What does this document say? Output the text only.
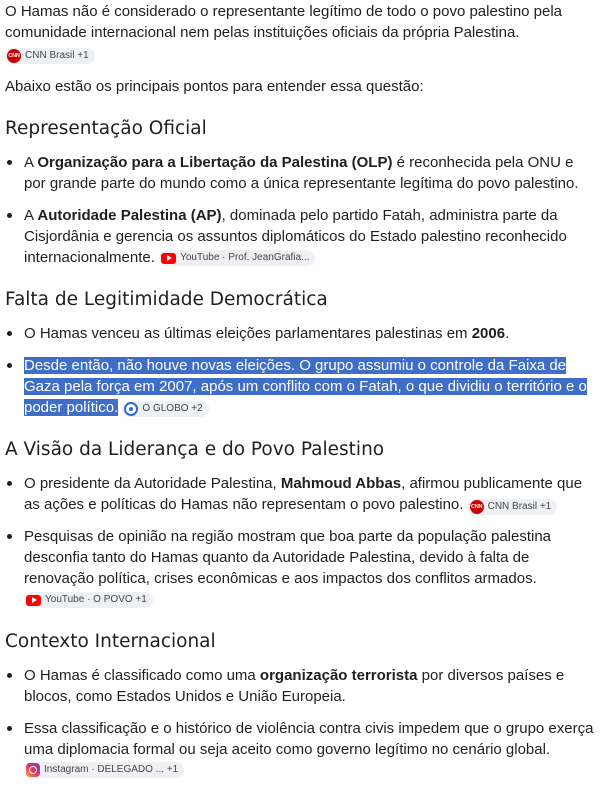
O Hamas não é considerado o representante legítimo de todo o povo palestino pela comunidade internacional nem pelas instituições oficiais da própria Palestina.
CNN CNN Brasil +1

Abaixo estão os principais pontos para entender essa questão:

Representação Oficial
A Organização para a Libertação da Palestina (OLP) é reconhecida pela ONU e por grande parte do mundo como a única representante legítima do povo palestino.
A Autoridade Palestina (AP), dominada pelo partido Fatah, administra parte da Cisjordânia e gerencia os assuntos diplomáticos do Estado palestino reconhecido internacionalmente.	YouTube · Prof. JeanGrafia...
Falta de Legitimidade Democrática
O Hamas venceu as últimas eleições parlamentares palestinas em 2006.
Desde então, não houve novas eleições. O grupo assumiu o controle da Faixa de Gaza pela força em 2007, após um conflito com o Fatah, o que dividiu o território e o poder político. O GLOBO +2
A Visão da Liderança e do Povo Palestino
O presidente da Autoridade Palestina, Mahmoud Abbas, afirmou publicamente que as ações e políticas do Hamas não representam o povo palestino. CNN CNN Brasil +1
Pesquisas de opinião na região mostram que boa parte da população palestina desconfia tanto do Hamas quanto da Autoridade Palestina, devido à falta de renovação política, crises econômicas e aos impactos dos conflitos armados.
YouTube · O POVO +1
Contexto Internacional
O Hamas é classificado como uma organização terrorista por diversos países e blocos, como Estados Unidos e União Europeia.
Essa classificação e o histórico de violência contra civis impedem que o grupo exerça uma diplomacia formal ou seja aceito como governo legítimo no cenário global.
Instagram · DELEGADO ... +1
